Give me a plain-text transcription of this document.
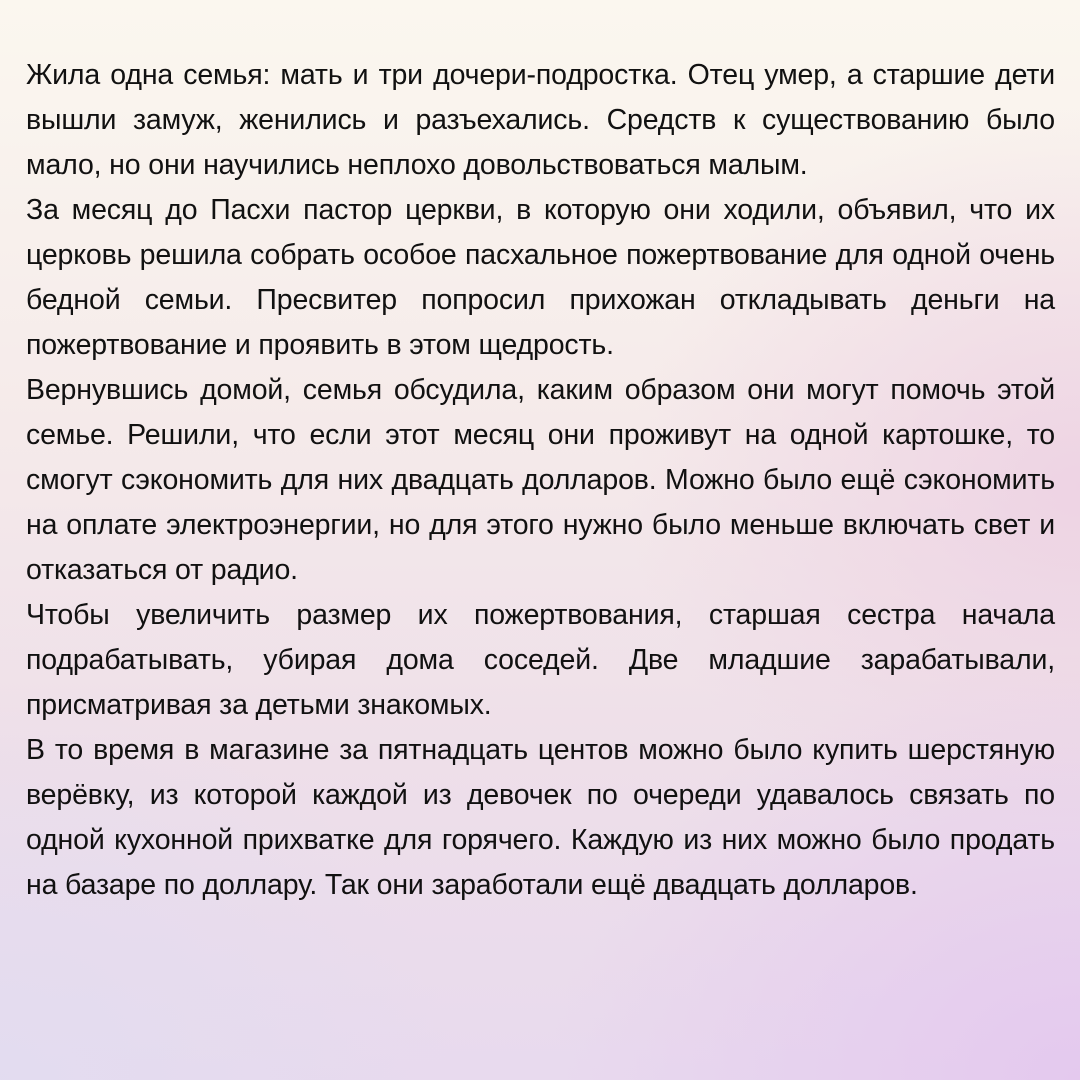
Жила одна семья: мать и три дочери-подростка. Отец умер, а старшие дети вышли замуж, женились и разъехались. Средств к существованию было мало, но они научились неплохо довольствоваться малым.

За месяц до Пасхи пастор церкви, в которую они ходили, объявил, что их церковь решила собрать особое пасхальное пожертвование для одной очень бедной семьи. Пресвитер попросил прихожан откладывать деньги на пожертвование и проявить в этом щедрость.

Вернувшись домой, семья обсудила, каким образом они могут помочь этой семье. Решили, что если этот месяц они проживут на одной картошке, то смогут сэкономить для них двадцать долларов. Можно было ещё сэкономить на оплате электроэнергии, но для этого нужно было меньше включать свет и отказаться от радио.

Чтобы увеличить размер их пожертвования, старшая сестра начала подрабатывать, убирая дома соседей. Две младшие зарабатывали, присматривая за детьми знакомых.

В то время в магазине за пятнадцать центов можно было купить шерстяную верёвку, из которой каждой из девочек по очереди удавалось связать по одной кухонной прихватке для горячего. Каждую из них можно было продать на базаре по доллару. Так они заработали ещё двадцать долларов.
